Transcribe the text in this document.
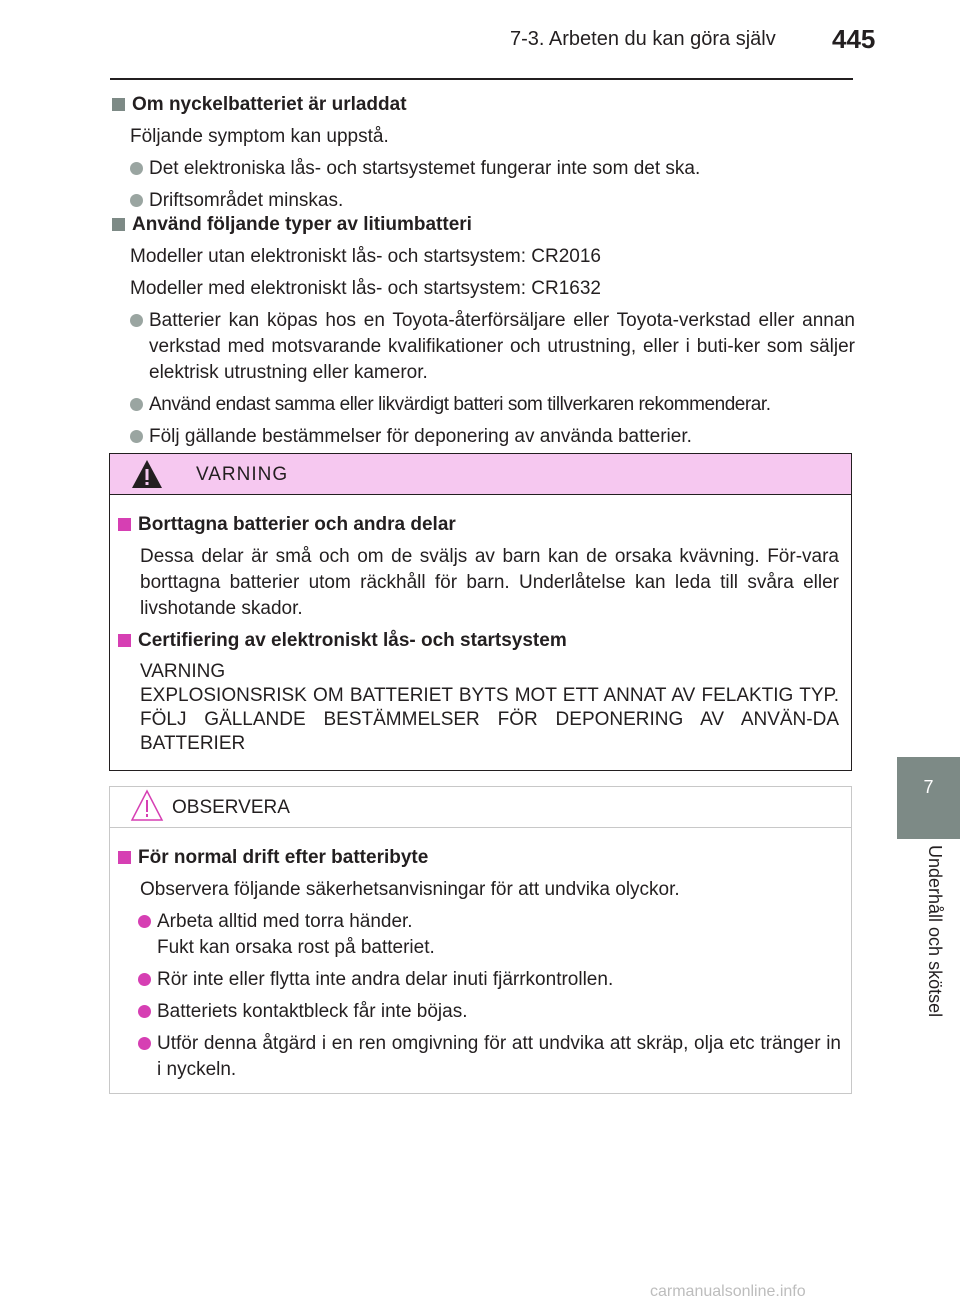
7-3. Arbeten du kan göra själv 445
7
Underhåll och skötsel

Om nyckelbatteriet är urladdat

Följande symptom kan uppstå.

Det elektroniska lås- och startsystemet fungerar inte som det ska.
Driftsområdet minskas.

Använd följande typer av litiumbatteri

Modeller utan elektroniskt lås- och startsystem: CR2016

Modeller med elektroniskt lås- och startsystem: CR1632

Batterier kan köpas hos en Toyota-återförsäljare eller Toyota-verkstad eller annan verkstad med motsvarande kvalifikationer och utrustning, eller i buti-ker som säljer elektrisk utrustning eller kameror.
Använd endast samma eller likvärdigt batteri som tillverkaren rekommenderar.
Följ gällande bestämmelser för deponering av använda batterier.
VARNING

Borttagna batterier och andra delar

Dessa delar är små och om de sväljs av barn kan de orsaka kvävning. För-vara borttagna batterier utom räckhåll för barn. Underlåtelse kan leda till svåra eller livshotande skador.

Certifiering av elektroniskt lås- och startsystem

VARNING
EXPLOSIONSRISK OM BATTERIET BYTS MOT ETT ANNAT AV FELAKTIG TYP. FÖLJ GÄLLANDE BESTÄMMELSER FÖR DEPONERING AV ANVÄN-DA BATTERIER
OBSERVERA

För normal drift efter batteribyte

Observera följande säkerhetsanvisningar för att undvika olyckor.

Arbeta alltid med torra händer.
Fukt kan orsaka rost på batteriet.
Rör inte eller flytta inte andra delar inuti fjärrkontrollen.
Batteriets kontaktbleck får inte böjas.
Utför denna åtgärd i en ren omgivning för att undvika att skräp, olja etc tränger in i nyckeln.
carmanualsonline.info
